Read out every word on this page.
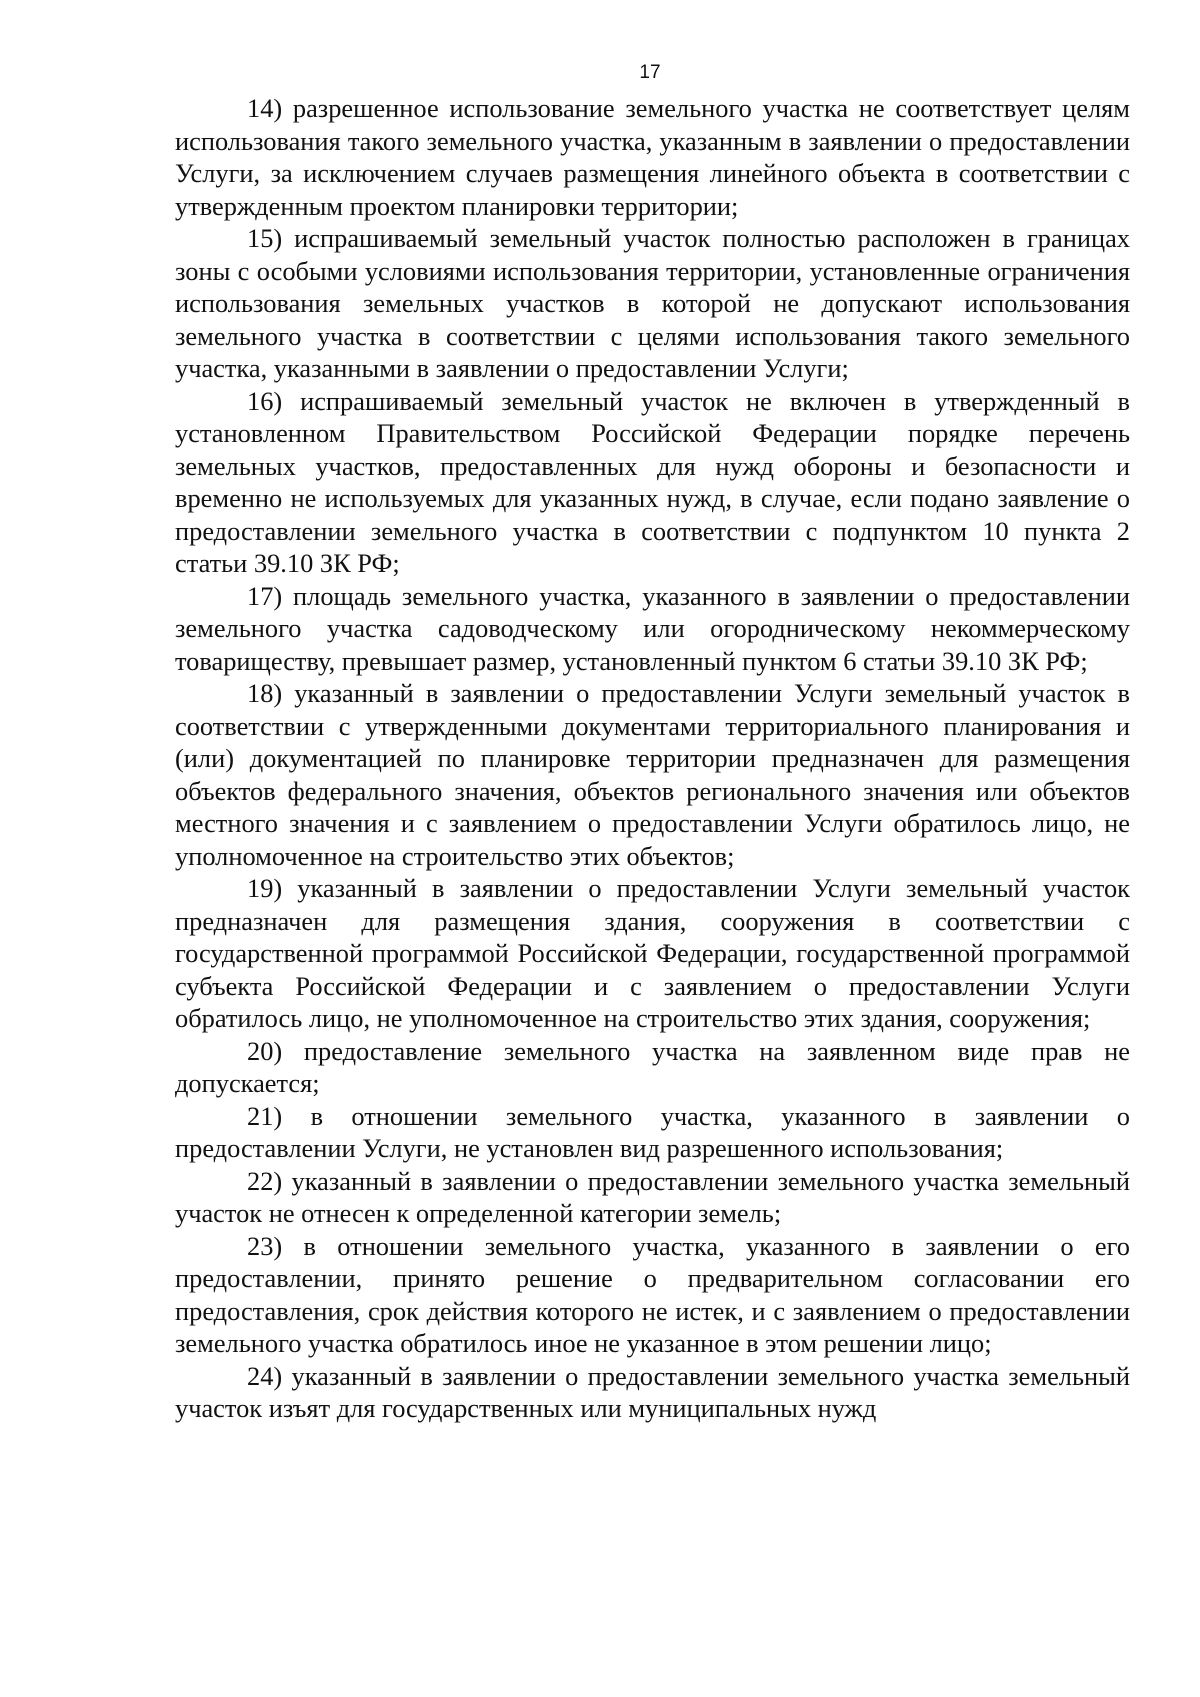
17

14) разрешенное использование земельного участка не соответствует целям использования такого земельного участка, указанным в заявлении о предоставлении Услуги, за исключением случаев размещения линейного объекта в соответствии с утвержденным проектом планировки территории;

15) испрашиваемый земельный участок полностью расположен в границах зоны с особыми условиями использования территории, установленные ограничения использования земельных участков в которой не допускают использования земельного участка в соответствии с целями использования такого земельного участка, указанными в заявлении о предоставлении Услуги;

16) испрашиваемый земельный участок не включен в утвержденный в установленном Правительством Российской Федерации порядке перечень земельных участков, предоставленных для нужд обороны и безопасности и временно не используемых для указанных нужд, в случае, если подано заявление о предоставлении земельного участка в соответствии с подпунктом 10 пункта 2 статьи 39.10 ЗК РФ;

17) площадь земельного участка, указанного в заявлении о предоставлении земельного участка садоводческому или огородническому некоммерческому товариществу, превышает размер, установленный пунктом 6 статьи 39.10 ЗК РФ;

18) указанный в заявлении о предоставлении Услуги земельный участок в соответствии с утвержденными документами территориального планирования и (или) документацией по планировке территории предназначен для размещения объектов федерального значения, объектов регионального значения или объектов местного значения и с заявлением о предоставлении Услуги обратилось лицо, не уполномоченное на строительство этих объектов;

19) указанный в заявлении о предоставлении Услуги земельный участок предназначен для размещения здания, сооружения в соответствии с государственной программой Российской Федерации, государственной программой субъекта Российской Федерации и с заявлением о предоставлении Услуги обратилось лицо, не уполномоченное на строительство этих здания, сооружения;

20) предоставление земельного участка на заявленном виде прав не допускается;

21) в отношении земельного участка, указанного в заявлении о предоставлении Услуги, не установлен вид разрешенного использования;

22) указанный в заявлении о предоставлении земельного участка земельный участок не отнесен к определенной категории земель;

23) в отношении земельного участка, указанного в заявлении о его предоставлении, принято решение о предварительном согласовании его предоставления, срок действия которого не истек, и с заявлением о предоставлении земельного участка обратилось иное не указанное в этом решении лицо;

24) указанный в заявлении о предоставлении земельного участка земельный участок изъят для государственных или муниципальных нужд
